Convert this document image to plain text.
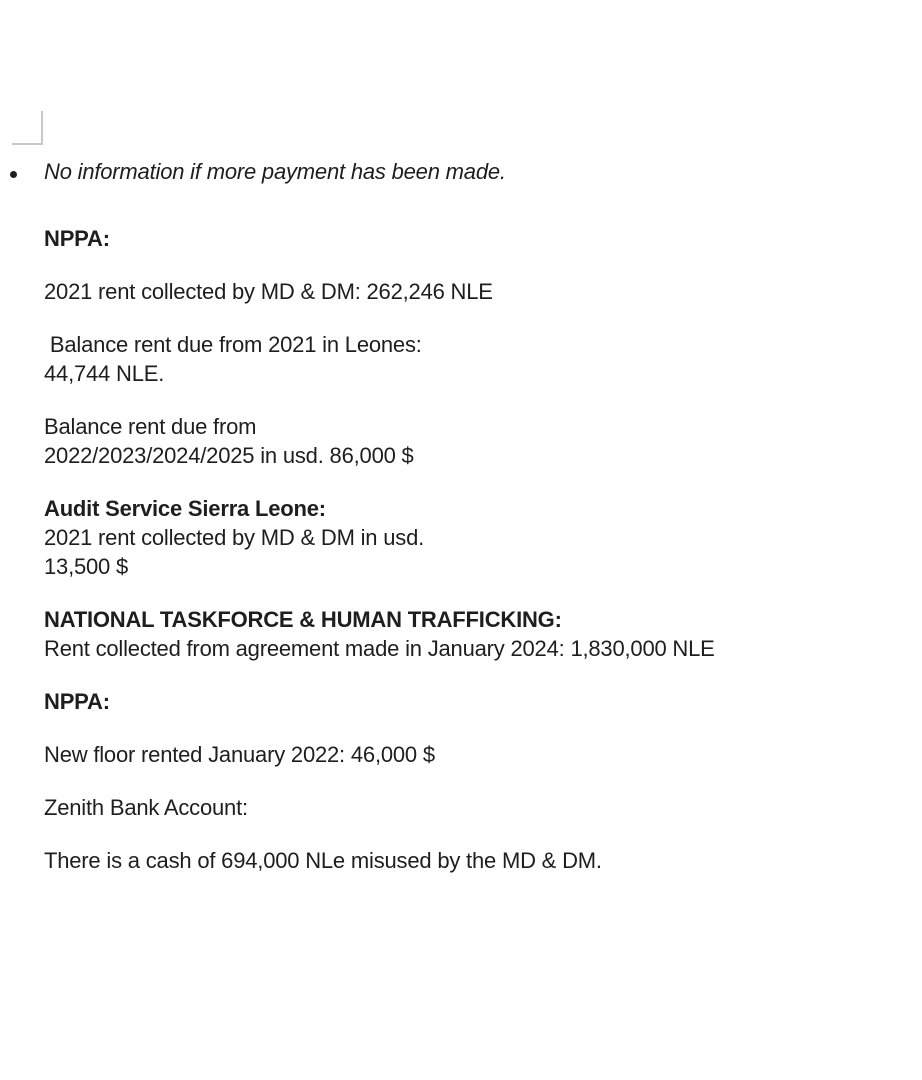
No information if more payment has been made.

NPPA:

2021 rent collected by MD & DM: 262,246 NLE

Balance rent due from 2021 in Leones:
44,744 NLE.

Balance rent due from
2022/2023/2024/2025 in usd. 86,000 $

Audit Service Sierra Leone:
2021 rent collected by MD & DM in usd.
13,500 $

NATIONAL TASKFORCE & HUMAN TRAFFICKING:
Rent collected from agreement made in January 2024: 1,830,000 NLE

NPPA:

New floor rented January 2022: 46,000 $

Zenith Bank Account:

There is a cash of 694,000 NLe misused by the MD & DM.
